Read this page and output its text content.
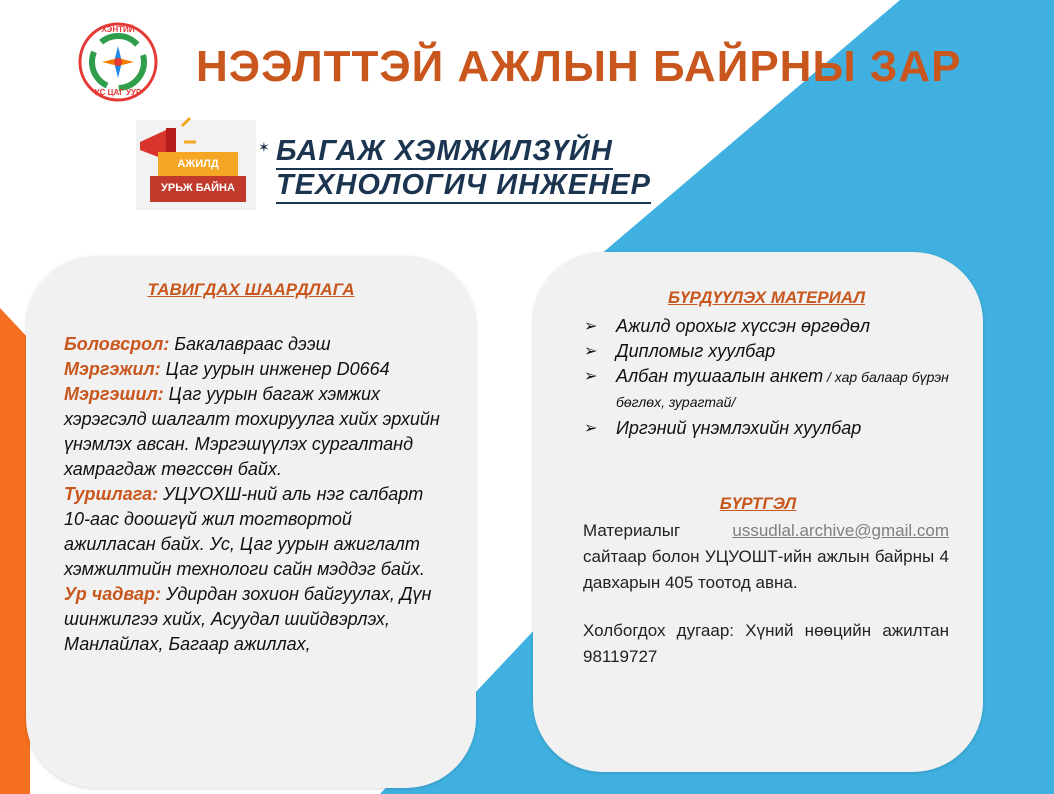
ХЭНТИЙ
УС ЦАГ УУР
НЭЭЛТТЭЙ АЖЛЫН БАЙРНЫ ЗАР
✶
АЖИЛД
УРЬЖ БАЙНА
БАГАЖ ХЭМЖИЛЗҮЙН
ТЕХНОЛОГИЧ ИНЖЕНЕР
ТАВИГДАХ ШААРДЛАГА
Боловсрол: Бакалавраас дээш
Мэргэжил: Цаг уурын инженер D0664
Мэргэшил: Цаг уурын багаж хэмжих хэрэгсэлд шалгалт тохируулга хийх эрхийн үнэмлэх авсан. Мэргэшүүлэх сургалтанд хамрагдаж төгссөн байх.
Туршлага: УЦУОХШ-ний аль нэг салбарт 10-аас доошгүй жил тогтвортой ажилласан байх. Ус, Цаг уурын ажиглалт хэмжилтийн технологи сайн мэддэг байх.
Ур чадвар: Удирдан зохион байгуулах, Дүн шинжилгээ хийх, Асуудал шийдвэрлэх, Манлайлах, Багаар ажиллах,
БҮРДҮҮЛЭХ МАТЕРИАЛ
➢ Ажилд орохыг хүссэн өргөдөл
➢ Дипломыг хуулбар
➢ Албан тушаалын анкет / хар балаар бүрэн бөглөх, зурагтай/
➢ Иргэний үнэмлэхийн хуулбар
БҮРТГЭЛ
Материалыг ussudlal.archive@gmail.com сайтаар болон УЦУОШТ-ийн ажлын байрны 4 давхарын 405 тоотод авна.
Холбогдох дугаар: Хүний нөөцийн ажилтан 98119727
